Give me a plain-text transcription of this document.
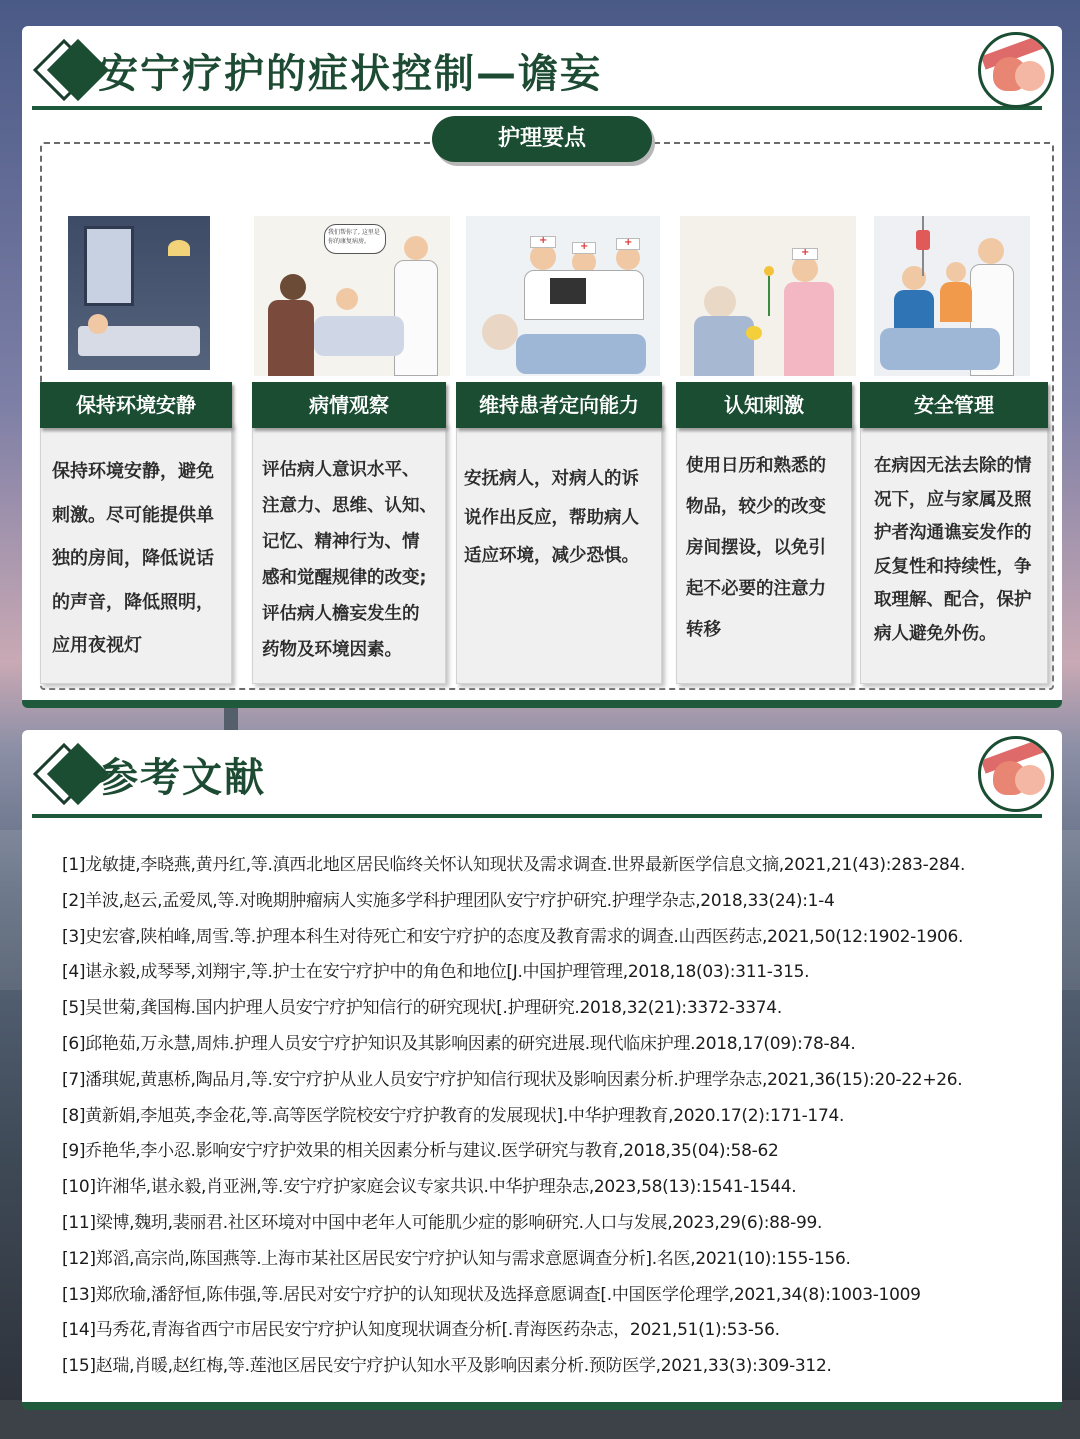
安宁疗护的症状控制—谵妄
护理要点
我们帮你了, 这里是你的康复病房。	+
+	+
+
保持环境安静
保持环境安静，避免
刺激。尽可能提供单
独的房间，降低说话
的声音，降低照明，
应用夜视灯
病情观察
评估病人意识水平、
注意力、思维、认知、
记忆、精神行为、情
感和觉醒规律的改变;
评估病人檐妄发生的
药物及环境因素。
维持患者定向能力
安抚病人，对病人的诉
说作出反应，帮助病人
适应环境，减少恐惧。
认知刺激
使用日历和熟悉的
物品，较少的改变
房间摆设，以免引
起不必要的注意力
转移
安全管理
在病因无法去除的情
况下，应与家属及照
护者沟通谯妄发作的
反复性和持续性，争
取理解、配合，保护
病人避免外伤。
参考文献
[1]龙敏捷,李晓燕,黄丹红,等.滇西北地区居民临终关怀认知现状及需求调查.世界最新医学信息文摘,2021,21(43):283-284.
[2]羊波,赵云,孟爱凤,等.对晚期肿瘤病人实施多学科护理团队安宁疗护研究.护理学杂志,2018,33(24):1-4
[3]史宏睿,陕柏峰,周雪.等.护理本科生对待死亡和安宁疗护的态度及教育需求的调查.山西医药志,2021,50(12:1902-1906.
[4]谌永毅,成琴琴,刘翔宇,等.护士在安宁疗护中的角色和地位[J.中国护理管理,2018,18(03):311-315.
[5]吴世菊,龚国梅.国内护理人员安宁疗护知信行的研究现状[.护理研究.2018,32(21):3372-3374.
[6]邱艳茹,万永慧,周炜.护理人员安宁疗护知识及其影响因素的研究进展.现代临床护理.2018,17(09):78-84.
[7]潘琪妮,黄惠桥,陶品月,等.安宁疗护从业人员安宁疗护知信行现状及影响因素分析.护理学杂志,2021,36(15):20-22+26.
[8]黄新娟,李旭英,李金花,等.高等医学院校安宁疗护教育的发展现状].中华护理教育,2020.17(2):171-174.
[9]乔艳华,李小忍.影响安宁疗护效果的相关因素分析与建议.医学研究与教育,2018,35(04):58-62
[10]许湘华,谌永毅,肖亚洲,等.安宁疗护家庭会议专家共识.中华护理杂志,2023,58(13):1541-1544.
[11]梁博,魏玥,裴丽君.社区环境对中国中老年人可能肌少症的影响研究.人口与发展,2023,29(6):88-99.
[12]郑滔,高宗尚,陈国燕等.上海市某社区居民安宁疗护认知与需求意愿调查分析].名医,2021(10):155-156.
[13]郑欣瑜,潘舒恒,陈伟强,等.居民对安宁疗护的认知现状及选择意愿调查[.中国医学伦理学,2021,34(8):1003-1009
[14]马秀花,青海省西宁市居民安宁疗护认知度现状调查分析[.青海医药杂志，2021,51(1):53-56.
[15]赵瑞,肖暖,赵红梅,等.莲池区居民安宁疗护认知水平及影响因素分析.预防医学,2021,33(3):309-312.
